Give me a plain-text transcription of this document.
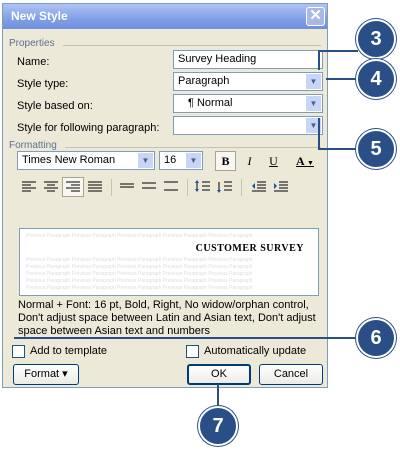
New Style	✕
Properties
Name:	Survey Heading
Style type:	Paragraph	▼
Style based on:	¶ Normal	▼
Style for following paragraph:	▼
Formatting
Times New Roman	▼	16	▼	B	I	U	A ▼
Previous Paragraph Previous Paragraph Previous Paragraph Previous Paragraph Previous Paragraph
CUSTOMER SURVEY
Previous Paragraph Previous Paragraph Previous Paragraph Previous Paragraph Previous Paragraph
Previous Paragraph Previous Paragraph Previous Paragraph Previous Paragraph Previous Paragraph
Previous Paragraph Previous Paragraph Previous Paragraph Previous Paragraph Previous Paragraph
Previous Paragraph Previous Paragraph Previous Paragraph Previous Paragraph Previous Paragraph
Previous Paragraph Previous Paragraph Previous Paragraph Previous Paragraph Previous Paragraph
Normal + Font: 16 pt, Bold, Right, No widow/orphan control, Don't adjust space between Latin and Asian text, Don't adjust space between Asian text and numbers
Add to template	Automatically update
Format ▾	OK	Cancel
3
4
5
6
7
